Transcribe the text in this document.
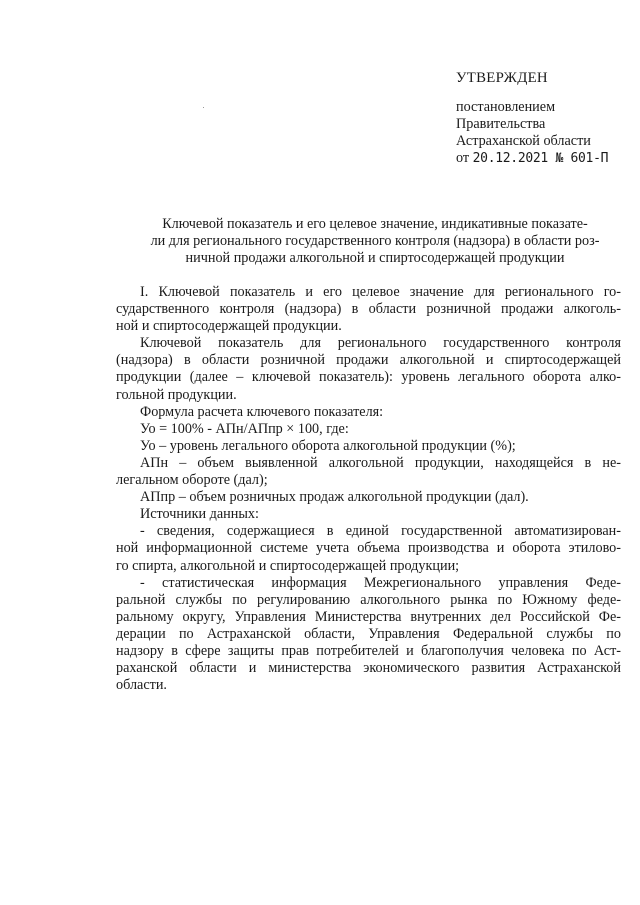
УТВЕРЖДЕН
постановлением
Правительства
Астраханской области
от 20.12.2021 № 601-П
Ключевой показатель и его целевое значение, индикативные показате-
ли для регионального государственного контроля (надзора) в области роз-
ничной продажи алкогольной и спиртосодержащей продукции
I. Ключевой показатель и его целевое значение для регионального го-
сударственного контроля (надзора) в области розничной продажи алкоголь-
ной и спиртосодержащей продукции.
Ключевой показатель для регионального государственного контроля
(надзора) в области розничной продажи алкогольной и спиртосодержащей
продукции (далее – ключевой показатель): уровень легального оборота алко-
гольной продукции.
Формула расчета ключевого показателя:
Уо = 100% - АПн/АПпр × 100, где:
Уо – уровень легального оборота алкогольной продукции (%);
АПн – объем выявленной алкогольной продукции, находящейся в не-
легальном обороте (дал);
АПпр – объем розничных продаж алкогольной продукции (дал).
Источники данных:
- сведения, содержащиеся в единой государственной автоматизирован-
ной информационной системе учета объема производства и оборота этилово-
го спирта, алкогольной и спиртосодержащей продукции;
- статистическая информация Межрегионального управления Феде-
ральной службы по регулированию алкогольного рынка по Южному феде-
ральному округу, Управления Министерства внутренних дел Российской Фе-
дерации по Астраханской области, Управления Федеральной службы по
надзору в сфере защиты прав потребителей и благополучия человека по Аст-
раханской области и министерства экономического развития Астраханской
области.
